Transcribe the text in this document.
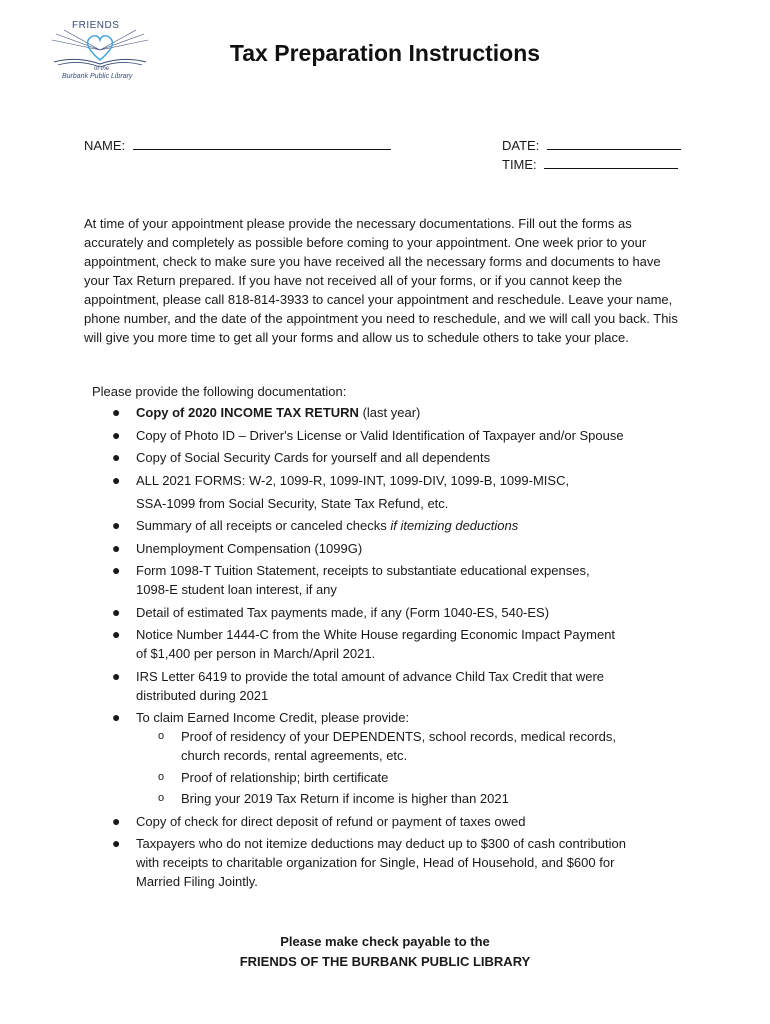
FRIENDS
of the
Burbank Public Library
Tax Preparation Instructions
NAME:	DATE:
TIME:
At time of your appointment please provide the necessary documentations. Fill out the forms as accurately and completely as possible before coming to your appointment. One week prior to your appointment, check to make sure you have received all the necessary forms and documents to have your Tax Return prepared. If you have not received all of your forms, or if you cannot keep the appointment, please call 818-814-3933 to cancel your appointment and reschedule. Leave your name, phone number, and the date of the appointment you need to reschedule, and we will call you back. This will give you more time to get all your forms and allow us to schedule others to take your place.
Please provide the following documentation:
● Copy of 2020 INCOME TAX RETURN (last year)
● Copy of Photo ID – Driver's License or Valid Identification of Taxpayer and/or Spouse
● Copy of Social Security Cards for yourself and all dependents
● ALL 2021 FORMS: W-2, 1099-R, 1099-INT, 1099-DIV, 1099-B, 1099-MISC,
SSA-1099 from Social Security, State Tax Refund, etc.
● Summary of all receipts or canceled checks if itemizing deductions
● Unemployment Compensation (1099G)
● Form 1098-T Tuition Statement, receipts to substantiate educational expenses,
1098-E student loan interest, if any
● Detail of estimated Tax payments made, if any (Form 1040-ES, 540-ES)
● Notice Number 1444-C from the White House regarding Economic Impact Payment
of $1,400 per person in March/April 2021.
● IRS Letter 6419 to provide the total amount of advance Child Tax Credit that were
distributed during 2021
● To claim Earned Income Credit, please provide:
o Proof of residency of your DEPENDENTS, school records, medical records,
church records, rental agreements, etc.
o Proof of relationship; birth certificate
o Bring your 2019 Tax Return if income is higher than 2021
● Copy of check for direct deposit of refund or payment of taxes owed
● Taxpayers who do not itemize deductions may deduct up to $300 of cash contribution
with receipts to charitable organization for Single, Head of Household, and $600 for
Married Filing Jointly.
Please make check payable to the
FRIENDS OF THE BURBANK PUBLIC LIBRARY
